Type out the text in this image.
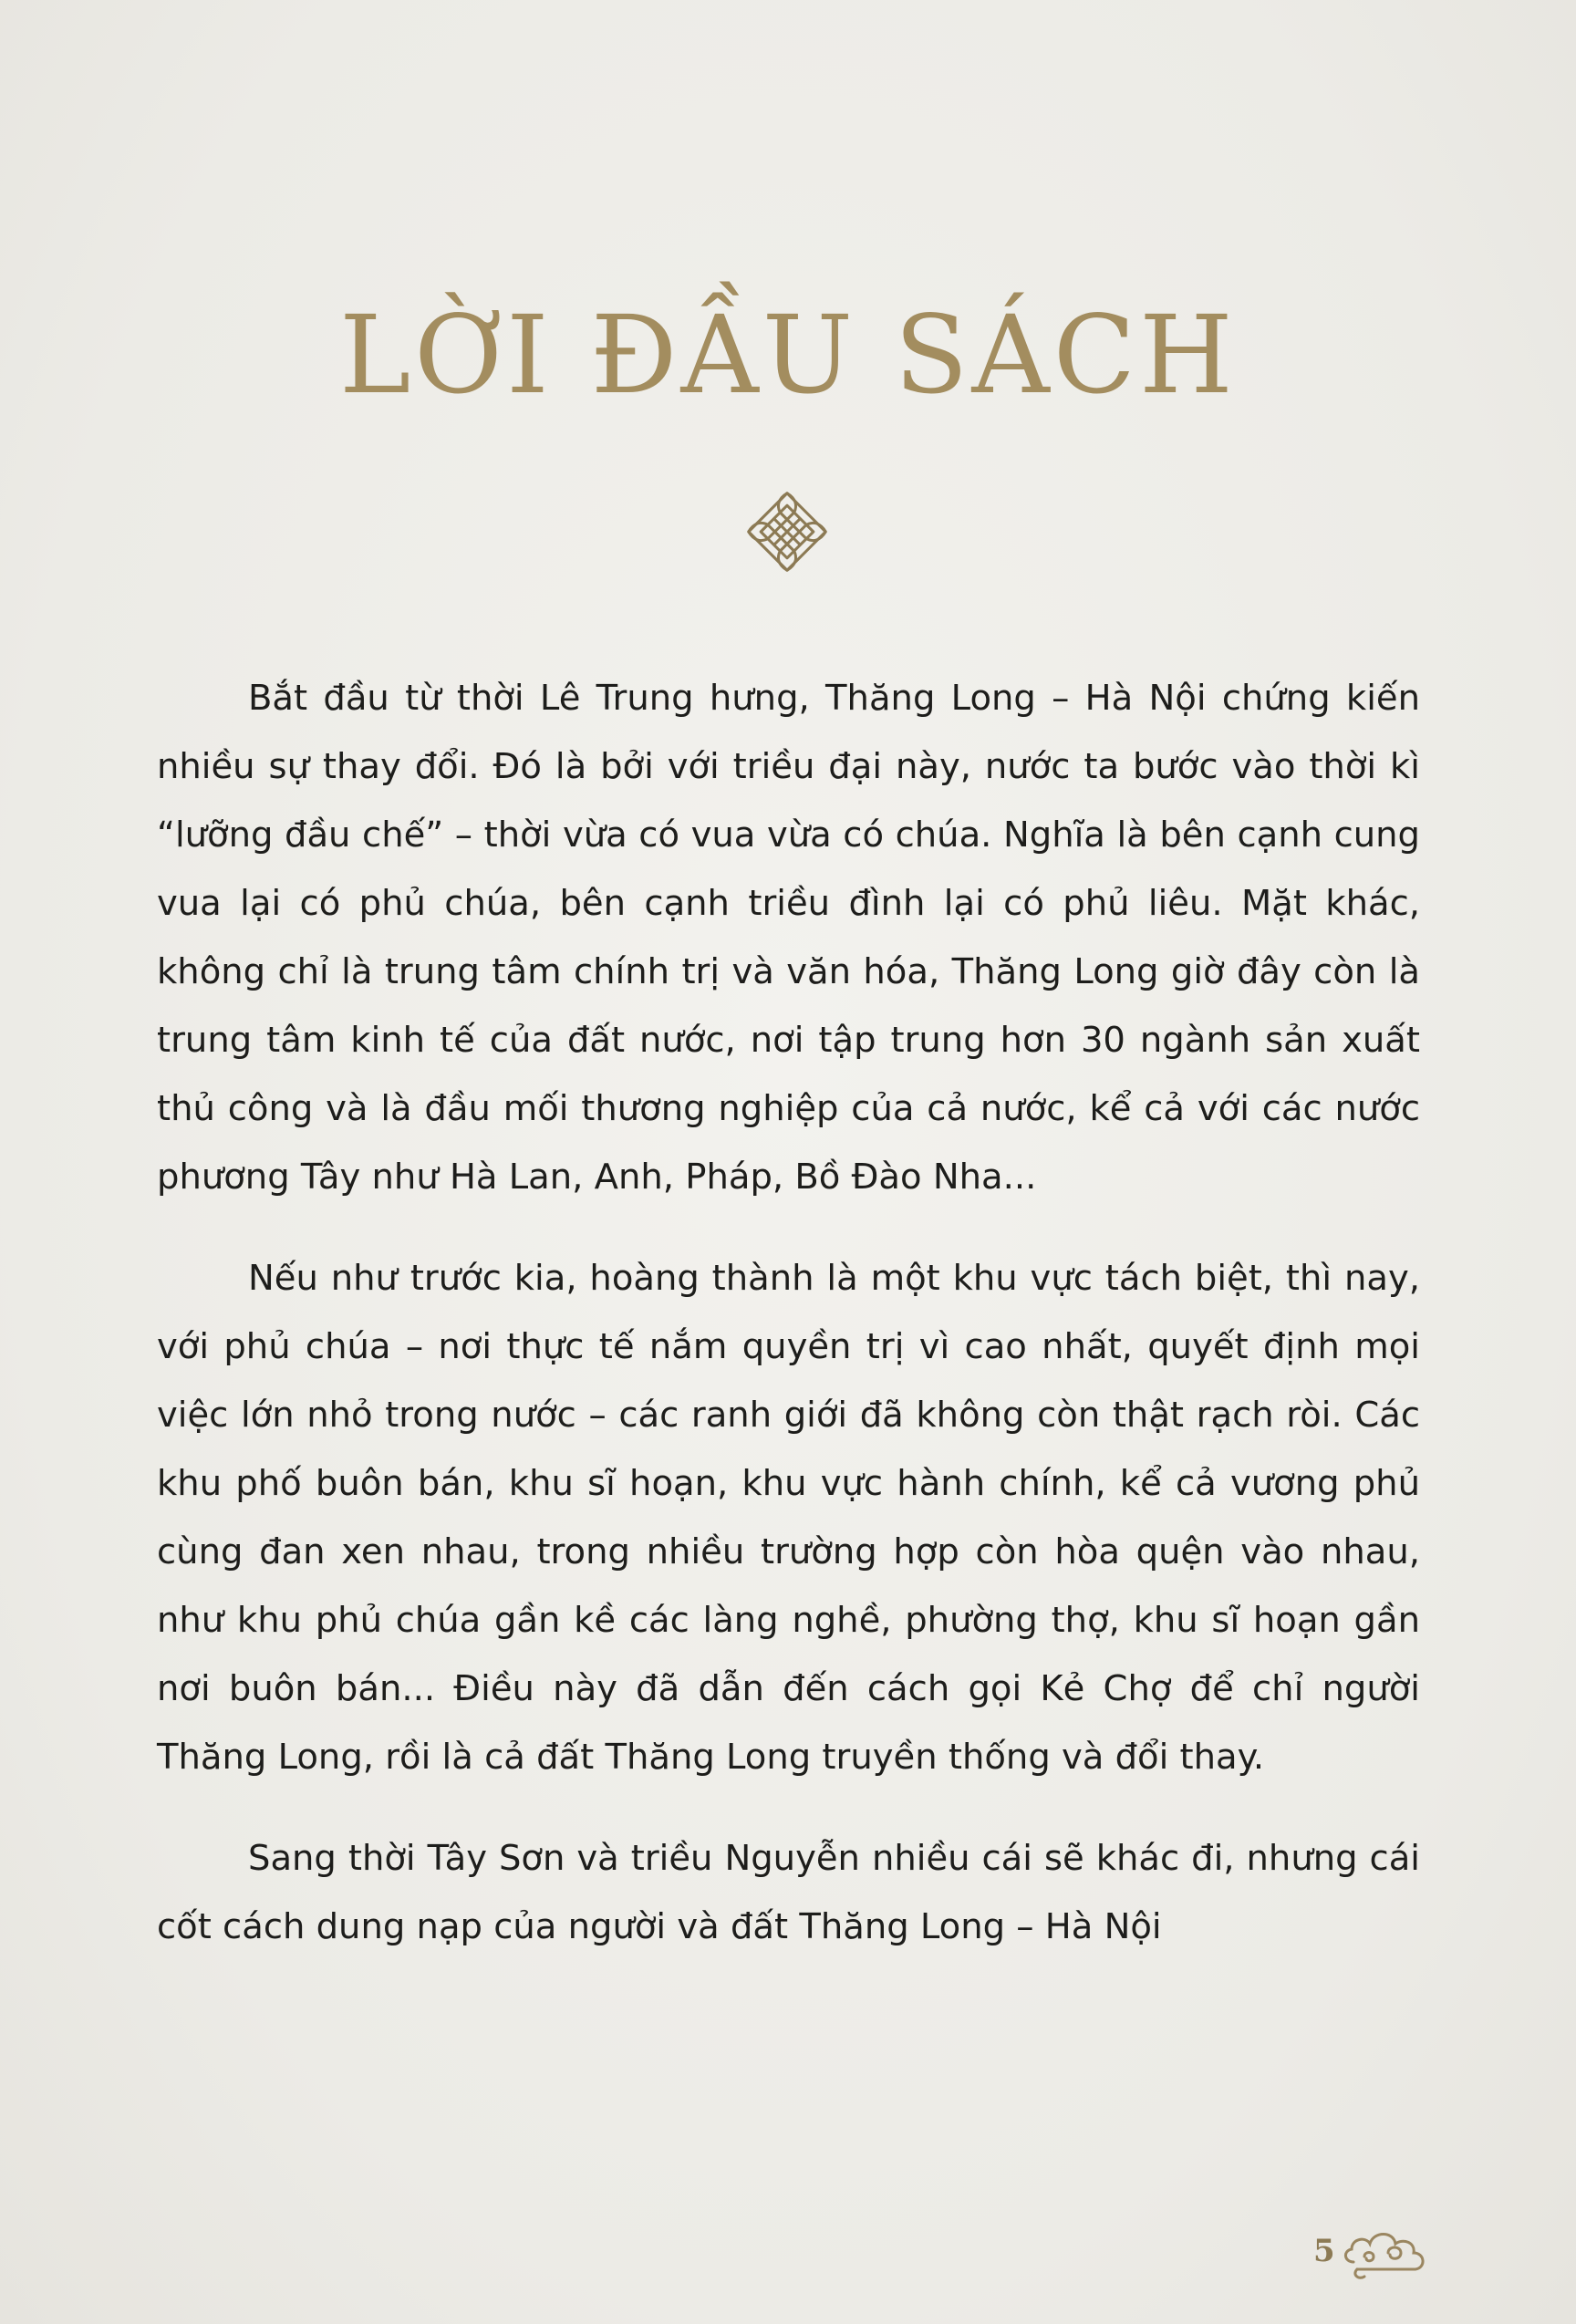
LỜI ĐẦU SÁCH

Bắt đầu từ thời Lê Trung hưng, Thăng Long – Hà Nội chứng kiến nhiều sự thay đổi. Đó là bởi với triều đại này, nước ta bước vào thời kì “lưỡng đầu chế” – thời vừa có vua vừa có chúa. Nghĩa là bên cạnh cung vua lại có phủ chúa, bên cạnh triều đình lại có phủ liêu. Mặt khác, không chỉ là trung tâm chính trị và văn hóa, Thăng Long giờ đây còn là trung tâm kinh tế của đất nước, nơi tập trung hơn 30 ngành sản xuất thủ công và là đầu mối thương nghiệp của cả nước, kể cả với các nước phương Tây như Hà Lan, Anh, Pháp, Bồ Đào Nha...

Nếu như trước kia, hoàng thành là một khu vực tách biệt, thì nay, với phủ chúa – nơi thực tế nắm quyền trị vì cao nhất, quyết định mọi việc lớn nhỏ trong nước – các ranh giới đã không còn thật rạch ròi. Các khu phố buôn bán, khu sĩ hoạn, khu vực hành chính, kể cả vương phủ cùng đan xen nhau, trong nhiều trường hợp còn hòa quện vào nhau, như khu phủ chúa gần kề các làng nghề, phường thợ, khu sĩ hoạn gần nơi buôn bán... Điều này đã dẫn đến cách gọi Kẻ Chợ để chỉ người Thăng Long, rồi là cả đất Thăng Long truyền thống và đổi thay.

Sang thời Tây Sơn và triều Nguyễn nhiều cái sẽ khác đi, nhưng cái cốt cách dung nạp của người và đất Thăng Long – Hà Nội

5
